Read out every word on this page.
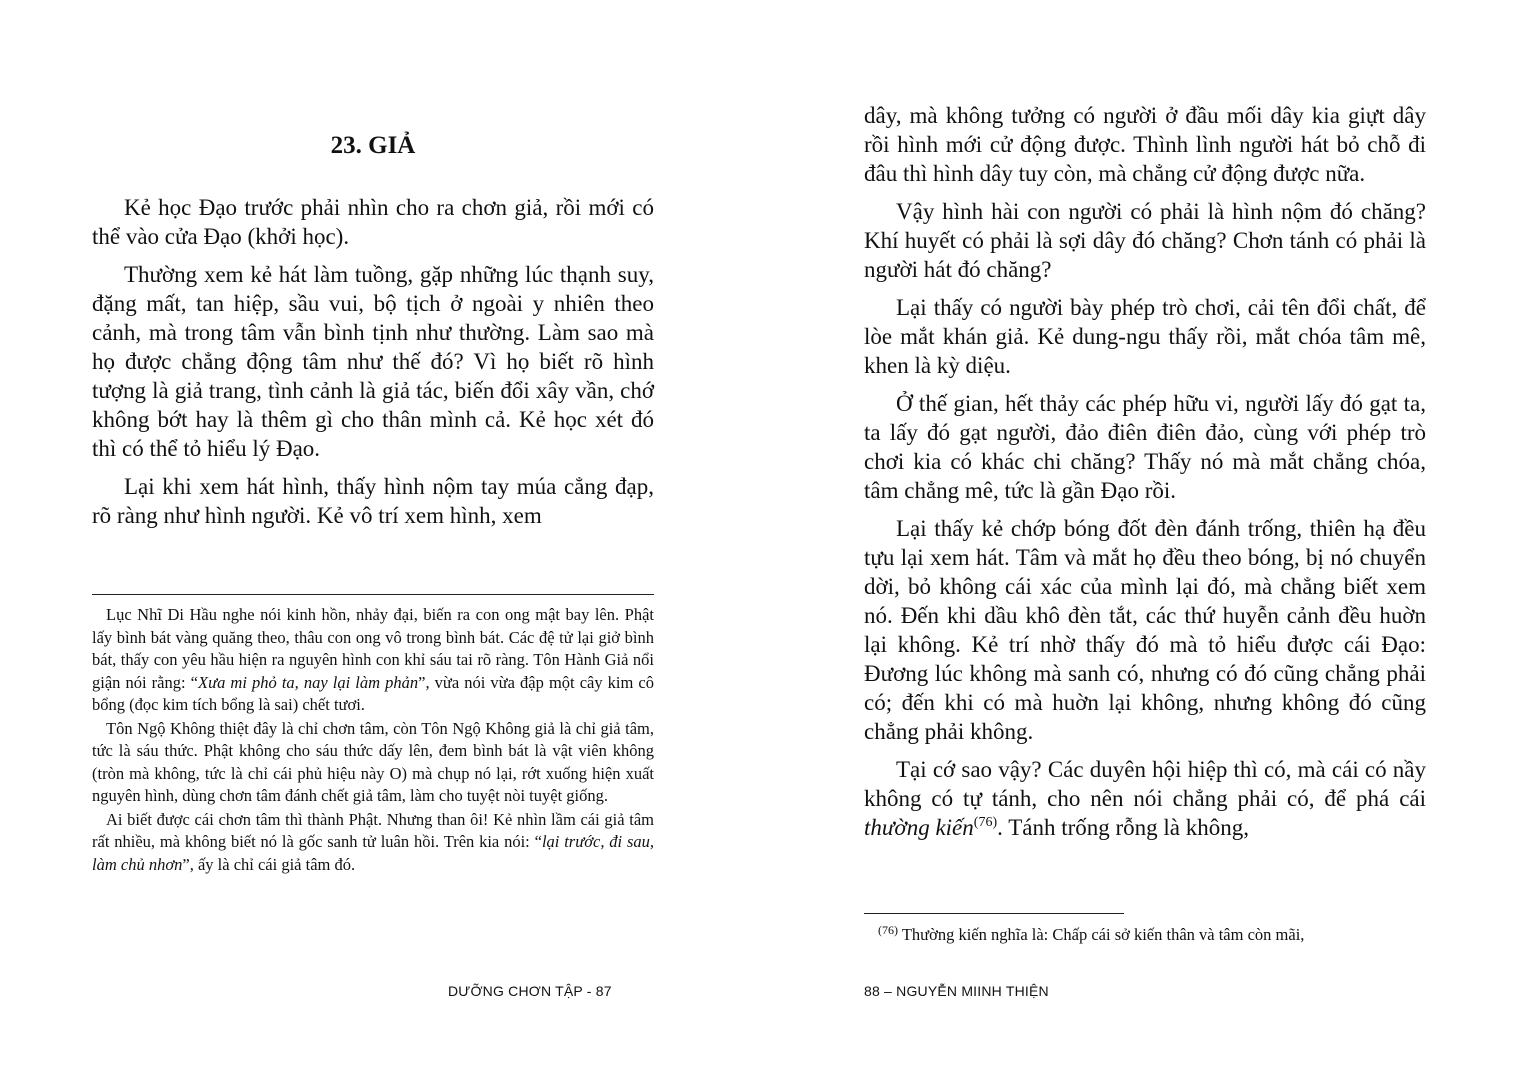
23. GIẢ

Kẻ học Đạo trước phải nhìn cho ra chơn giả, rồi mới có thể vào cửa Đạo (khởi học).

Thường xem kẻ hát làm tuồng, gặp những lúc thạnh suy, đặng mất, tan hiệp, sầu vui, bộ tịch ở ngoài y nhiên theo cảnh, mà trong tâm vẫn bình tịnh như thường. Làm sao mà họ được chẳng động tâm như thế đó? Vì họ biết rõ hình tượng là giả trang, tình cảnh là giả tác, biến đổi xây vần, chớ không bớt hay là thêm gì cho thân mình cả. Kẻ học xét đó thì có thể tỏ hiểu lý Đạo.

Lại khi xem hát hình, thấy hình nộm tay múa cẳng đạp, rõ ràng như hình người. Kẻ vô trí xem hình, xem

Lục Nhĩ Di Hầu nghe nói kinh hồn, nhảy đại, biến ra con ong mật bay lên. Phật lấy bình bát vàng quăng theo, thâu con ong vô trong bình bát. Các đệ tử lại giở bình bát, thấy con yêu hầu hiện ra nguyên hình con khỉ sáu tai rõ ràng. Tôn Hành Giả nổi giận nói rằng: “Xưa mi phỏ ta, nay lại làm phản”, vừa nói vừa đập một cây kim cô bổng (đọc kim tích bổng là sai) chết tươi.

Tôn Ngộ Không thiệt đây là chỉ chơn tâm, còn Tôn Ngộ Không giả là chỉ giả tâm, tức là sáu thức. Phật không cho sáu thức dấy lên, đem bình bát là vật viên không (tròn mà không, tức là chỉ cái phủ hiệu này O) mà chụp nó lại, rớt xuống hiện xuất nguyên hình, dùng chơn tâm đánh chết giả tâm, làm cho tuyệt nòi tuyệt giống.

Ai biết được cái chơn tâm thì thành Phật. Nhưng than ôi! Kẻ nhìn lầm cái giả tâm rất nhiều, mà không biết nó là gốc sanh tử luân hồi. Trên kia nói: “lại trước, đi sau, làm chủ nhơn”, ấy là chỉ cái giả tâm đó.

DƯỠNG CHƠN TẬP - 87

dây, mà không tưởng có người ở đầu mối dây kia giựt dây rồi hình mới cử động được. Thình lình người hát bỏ chỗ đi đâu thì hình dây tuy còn, mà chẳng cử động được nữa.

Vậy hình hài con người có phải là hình nộm đó chăng? Khí huyết có phải là sợi dây đó chăng? Chơn tánh có phải là người hát đó chăng?

Lại thấy có người bày phép trò chơi, cải tên đổi chất, để lòe mắt khán giả. Kẻ dung-ngu thấy rồi, mắt chóa tâm mê, khen là kỳ diệu.

Ở thế gian, hết thảy các phép hữu vi, người lấy đó gạt ta, ta lấy đó gạt người, đảo điên điên đảo, cùng với phép trò chơi kia có khác chi chăng? Thấy nó mà mắt chẳng chóa, tâm chẳng mê, tức là gần Đạo rồi.

Lại thấy kẻ chớp bóng đốt đèn đánh trống, thiên hạ đều tựu lại xem hát. Tâm và mắt họ đều theo bóng, bị nó chuyển dời, bỏ không cái xác của mình lại đó, mà chẳng biết xem nó. Đến khi dầu khô đèn tắt, các thứ huyễn cảnh đều huờn lại không. Kẻ trí nhờ thấy đó mà tỏ hiểu được cái Đạo: Đương lúc không mà sanh có, nhưng có đó cũng chẳng phải có; đến khi có mà huờn lại không, nhưng không đó cũng chẳng phải không.

Tại cớ sao vậy? Các duyên hội hiệp thì có, mà cái có nầy không có tự tánh, cho nên nói chẳng phải có, để phá cái thường kiến$^{(76)}$. Tánh trống rỗng là không,

$^{(76)}$ Thường kiến nghĩa là: Chấp cái sở kiến thân và tâm còn mãi,

88 – NGUYỄN MIINH THIỆN
